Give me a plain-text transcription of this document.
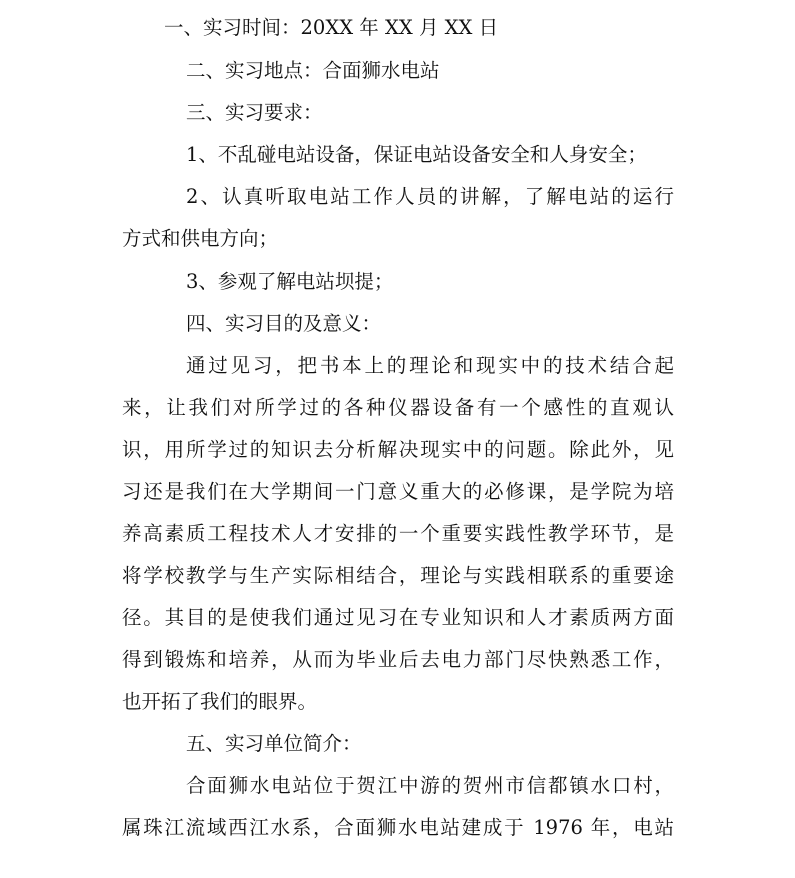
一、实习时间：20XX 年 XX 月 XX 日
二、实习地点：合面狮水电站
三、实习要求：
1、不乱碰电站设备，保证电站设备安全和人身安全；
2、认真听取电站工作人员的讲解，了解电站的运行
方式和供电方向；
3、参观了解电站坝提；
四、实习目的及意义：
通过见习，把书本上的理论和现实中的技术结合起
来，让我们对所学过的各种仪器设备有一个感性的直观认
识，用所学过的知识去分析解决现实中的问题。除此外，见
习还是我们在大学期间一门意义重大的必修课，是学院为培
养高素质工程技术人才安排的一个重要实践性教学环节，是
将学校教学与生产实际相结合，理论与实践相联系的重要途
径。其目的是使我们通过见习在专业知识和人才素质两方面
得到锻炼和培养，从而为毕业后去电力部门尽快熟悉工作，
也开拓了我们的眼界。
五、实习单位简介：
合面狮水电站位于贺江中游的贺州市信都镇水口村，
属珠江流域西江水系，合面狮水电站建成于 1976 年，电站
